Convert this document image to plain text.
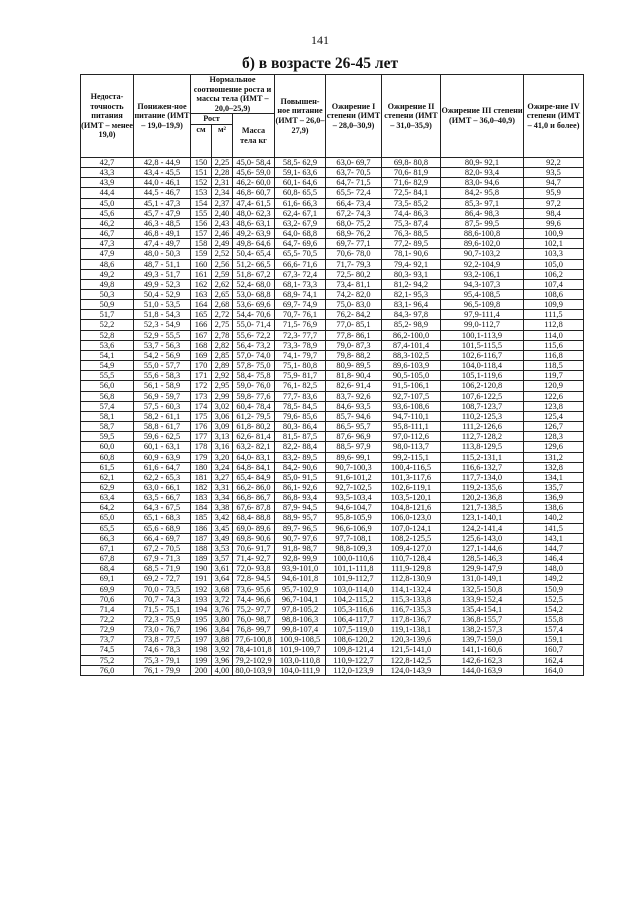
141
б) в возрасте 26-45 лет
Недоста-точность питания (ИМТ – менее 19,0)	Понижен-ное питание (ИМТ – 19,0–19,9)	Нормальное соотношение роста и массы тела (ИМТ – 20,0–25,9)			Повышен-ное питание (ИМТ – 26,0–27,9)	Ожирение I степени (ИМТ – 28,0–30,9)	Ожирение II степени (ИМТ – 31,0–35,9)	Ожирение III степени (ИМТ – 36,0–40,9)	Ожире-ние IV степени (ИМТ – 41,0 и более)
		Рост		Масса тела кг					
		см	м²						
42,7	42,8 - 44,9	150	2,25	45,0- 58,4	58,5- 62,9	63,0- 69,7	69,8- 80,8	80,9- 92,1	92,2
43,3	43,4 - 45,5	151	2,28	45,6- 59,0	59,1- 63,6	63,7- 70,5	70,6- 81,9	82,0- 93,4	93,5
43,9	44,0 - 46,1	152	2,31	46,2- 60,0	60,1- 64,6	64,7- 71,5	71,6- 82,9	83,0- 94,6	94,7
44,4	44,5 - 46,7	153	2,34	46,8- 60,7	60,8- 65,5	65,5- 72,4	72,5- 84,1	84,2- 95,8	95,9
45,0	45,1 - 47,3	154	2,37	47,4- 61,5	61,6- 66,3	66,4- 73,4	73,5- 85,2	85,3- 97,1	97,2
45,6	45,7 - 47,9	155	2,40	48,0- 62,3	62,4- 67,1	67,2- 74,3	74,4- 86,3	86,4- 98,3	98,4
46,2	46,3 - 48,5	156	2,43	48,6- 63,1	63,2- 67,9	68,0- 75,2	75,3- 87,4	87,5- 99,5	99,6
46,7	46,8 - 49,1	157	2,46	49,2- 63,9	64,0- 68,8	68,9- 76,2	76,3- 88,5	88,6-100,8	100,9
47,3	47,4 - 49,7	158	2,49	49,8- 64,6	64,7- 69,6	69,7- 77,1	77,2- 89,5	89,6-102,0	102,1
47,9	48,0 - 50,3	159	2,52	50,4- 65,4	65,5- 70,5	70,6- 78,0	78,1- 90,6	90,7-103,2	103,3
48,6	48,7 - 51,1	160	2,56	51,2- 66,5	66,6- 71,6	71,7- 79,3	79,4- 92,1	92,2-104,9	105,0
49,2	49,3 - 51,7	161	2,59	51,8- 67,2	67,3- 72,4	72,5- 80,2	80,3- 93,1	93,2-106,1	106,2
49,8	49,9 - 52,3	162	2,62	52,4- 68,0	68,1- 73,3	73,4- 81,1	81,2- 94,2	94,3-107,3	107,4
50,3	50,4 - 52,9	163	2,65	53,0- 68,8	68,9- 74,1	74,2- 82,0	82,1- 95,3	95,4-108,5	108,6
50,9	51,0 - 53,5	164	2,68	53,6- 69,6	69,7- 74,9	75,0- 83,0	83,1- 96,4	96,5-109,8	109,9
51,7	51,8 - 54,3	165	2,72	54,4- 70,6	70,7- 76,1	76,2- 84,2	84,3- 97,8	97,9-111,4	111,5
52,2	52,3 - 54,9	166	2,75	55,0- 71,4	71,5- 76,9	77,0- 85,1	85,2- 98,9	99,0-112,7	112,8
52,8	52,9 - 55,5	167	2,78	55,6- 72,2	72,3- 77,7	77,8- 86,1	86,2-100,0	100,1-113,9	114,0
53,6	53,7 - 56,3	168	2,82	56,4- 73,2	73,3- 78,9	79,0- 87,3	87,4-101,4	101,5-115,5	115,6
54,1	54,2 - 56,9	169	2,85	57,0- 74,0	74,1- 79,7	79,8- 88,2	88,3-102,5	102,6-116,7	116,8
54,9	55,0 - 57,7	170	2,89	57,8- 75,0	75,1- 80,8	80,9- 89,5	89,6-103,9	104,0-118,4	118,5
55,5	55,6 - 58,3	171	2,92	58,4- 75,8	75,9- 81,7	81,8- 90,4	90,5-105,0	105,1-119,6	119,7
56,0	56,1 - 58,9	172	2,95	59,0- 76,0	76,1- 82,5	82,6- 91,4	91,5-106,1	106,2-120,8	120,9
56,8	56,9 - 59,7	173	2,99	59,8- 77,6	77,7- 83,6	83,7- 92,6	92,7-107,5	107,6-122,5	122,6
57,4	57,5 - 60,3	174	3,02	60,4- 78,4	78,5- 84,5	84,6- 93,5	93,6-108,6	108,7-123,7	123,8
58,1	58,2 - 61,1	175	3,06	61,2- 79,5	79,6- 85,6	85,7- 94,6	94,7-110,1	110,2-125,3	125,4
58,7	58,8 - 61,7	176	3,09	61,8- 80,2	80,3- 86,4	86,5- 95,7	95,8-111,1	111,2-126,6	126,7
59,5	59,6 - 62,5	177	3,13	62,6- 81,4	81,5- 87,5	87,6- 96,9	97,0-112,6	112,7-128,2	128,3
60,0	60,1 - 63,1	178	3,16	63,2- 82,1	82,2- 88,4	88,5- 97,9	98,0-113,7	113,8-129,5	129,6
60,8	60,9 - 63,9	179	3,20	64,0- 83,1	83,2- 89,5	89,6- 99,1	99,2-115,1	115,2-131,1	131,2
61,5	61,6 - 64,7	180	3,24	64,8- 84,1	84,2- 90,6	90,7-100,3	100,4-116,5	116,6-132,7	132,8
62,1	62,2 - 65,3	181	3,27	65,4- 84,9	85,0- 91,5	91,6-101,2	101,3-117,6	117,7-134,0	134,1
62,9	63,0 - 66,1	182	3,31	66,2- 86,0	86,1- 92,6	92,7-102,5	102,6-119,1	119,2-135,6	135,7
63,4	63,5 - 66,7	183	3,34	66,8- 86,7	86,8- 93,4	93,5-103,4	103,5-120,1	120,2-136,8	136,9
64,2	64,3 - 67,5	184	3,38	67,6- 87,8	87,9- 94,5	94,6-104,7	104,8-121,6	121,7-138,5	138,6
65,0	65,1 - 68,3	185	3,42	68,4- 88,8	88,9- 95,7	95,8-105,9	106,0-123,0	123,1-140,1	140,2
65,5	65,6 - 68,9	186	3,45	69,0- 89,6	89,7- 96,5	96,6-106,9	107,0-124,1	124,2-141,4	141,5
66,3	66,4 - 69,7	187	3,49	69,8- 90,6	90,7- 97,6	97,7-108,1	108,2-125,5	125,6-143,0	143,1
67,1	67,2 - 70,5	188	3,53	70,6- 91,7	91,8- 98,7	98,8-109,3	109,4-127,0	127,1-144,6	144,7
67,8	67,9 - 71,3	189	3,57	71,4- 92,7	92,8- 99,9	100,0-110,6	110,7-128,4	128,5-146,3	146,4
68,4	68,5 - 71,9	190	3,61	72,0- 93,8	93,9-101,0	101,1-111,8	111,9-129,8	129,9-147,9	148,0
69,1	69,2 - 72,7	191	3,64	72,8- 94,5	94,6-101,8	101,9-112,7	112,8-130,9	131,0-149,1	149,2
69,9	70,0 - 73,5	192	3,68	73,6- 95,6	95,7-102,9	103,0-114,0	114,1-132,4	132,5-150,8	150,9
70,6	70,7 - 74,3	193	3,72	74,4- 96,6	96,7-104,1	104,2-115,2	115,3-133,8	133,9-152,4	152,5
71,4	71,5 - 75,1	194	3,76	75,2- 97,7	97,8-105,2	105,3-116,6	116,7-135,3	135,4-154,1	154,2
72,2	72,3 - 75,9	195	3,80	76,0- 98,7	98,8-106,3	106,4-117,7	117,8-136,7	136,8-155,7	155,8
72,9	73,0 - 76,7	196	3,84	76,8- 99,7	99,8-107,4	107,5-119,0	119,1-138,1	138,2-157,3	157,4
73,7	73,8 - 77,5	197	3,88	77,6-100,8	100,9-108,5	108,6-120,2	120,3-139,6	139,7-159,0	159,1
74,5	74,6 - 78,3	198	3,92	78,4-101,8	101,9-109,7	109,8-121,4	121,5-141,0	141,1-160,6	160,7
75,2	75,3 - 79,1	199	3,96	79,2-102,9	103,0-110,8	110,9-122,7	122,8-142,5	142,6-162,3	162,4
76,0	76,1 - 79,9	200	4,00	80,0-103,9	104,0-111,9	112,0-123,9	124,0-143,9	144,0-163,9	164,0
